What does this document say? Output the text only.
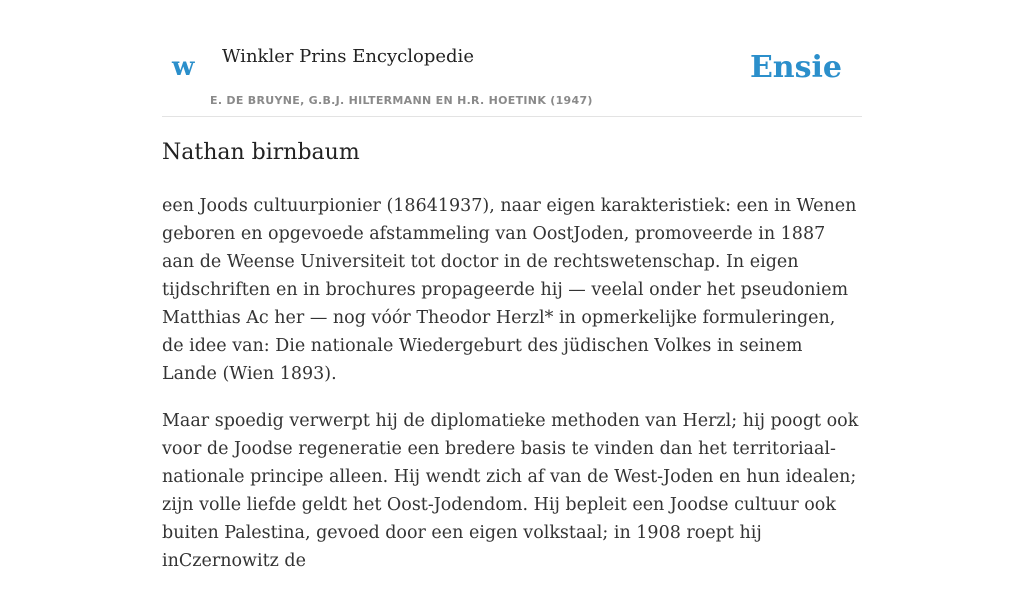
w Winkler Prins Encyclopedie
E. DE BRUYNE, G.B.J. HILTERMANN EN H.R. HOETINK (1947)
Ensie
Nathan birnbaum

een Joods cultuurpionier (18641937), naar eigen karakteristiek: een in Wenen geboren en opgevoede afstammeling van OostJoden, promoveerde in 1887 aan de Weense Universiteit tot doctor in de rechtswetenschap. In eigen tijdschriften en in brochures propageerde hij — veelal onder het pseudoniem Matthias Ac her — nog vóór Theodor Herzl* in opmerkelijke formuleringen, de idee van: Die nationale Wiedergeburt des jüdischen Volkes in seinem Lande (Wien 1893).

Maar spoedig verwerpt hij de diplomatieke methoden van Herzl; hij poogt ook voor de Joodse regeneratie een bredere basis te vinden dan het territoriaal-nationale principe alleen. Hij wendt zich af van de West-Joden en hun idealen; zijn volle liefde geldt het Oost-Jodendom. Hij bepleit een Joodse cultuur ook buiten Palestina, gevoed door een eigen volkstaal; in 1908 roept hij inCzernowitz de
